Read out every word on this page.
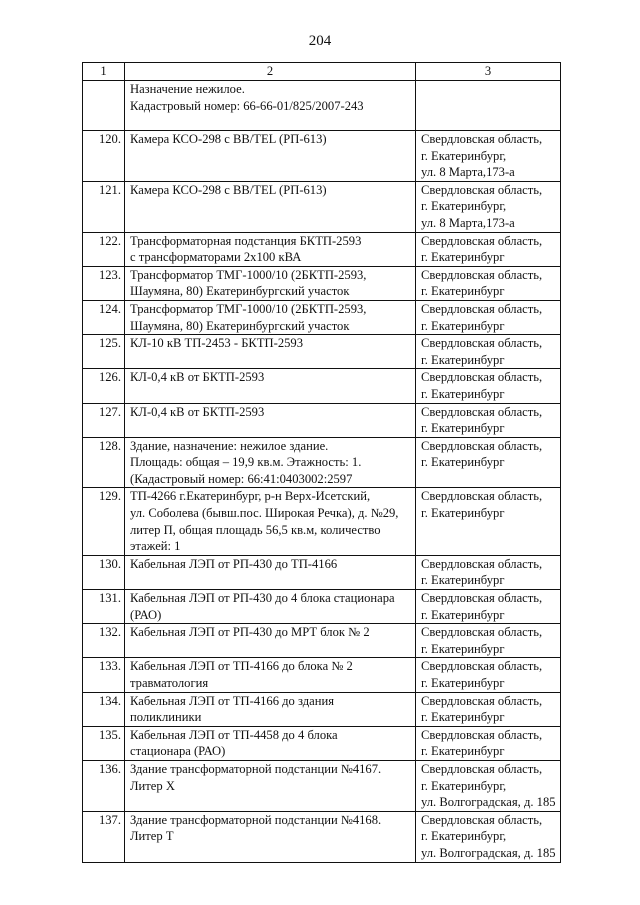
204
1	2	3

	Назначение нежилое.
Кадастровый номер: 66-66-01/825/2007-243	

120.	Камера КСО-298 с BB/TEL (РП-613)	Свердловская область,
г. Екатеринбург,
ул. 8 Марта,173-а

121.	Камера КСО-298 с BB/TEL (РП-613)	Свердловская область,
г. Екатеринбург,
ул. 8 Марта,173-а

122.	Трансформаторная подстанция БКТП-2593
с трансформаторами 2х100 кВА	Свердловская область,
г. Екатеринбург

123.	Трансформатор ТМГ-1000/10 (2БКТП-2593,
Шаумяна, 80) Екатеринбургский участок	Свердловская область,
г. Екатеринбург

124.	Трансформатор ТМГ-1000/10 (2БКТП-2593,
Шаумяна, 80) Екатеринбургский участок	Свердловская область,
г. Екатеринбург

125.	КЛ-10 кВ ТП-2453 - БКТП-2593	Свердловская область,
г. Екатеринбург

126.	КЛ-0,4 кВ от БКТП-2593	Свердловская область,
г. Екатеринбург

127.	КЛ-0,4 кВ от БКТП-2593	Свердловская область,
г. Екатеринбург

128.	Здание, назначение: нежилое здание.
Площадь: общая – 19,9 кв.м. Этажность: 1.
(Кадастровый номер: 66:41:0403002:2597	Свердловская область,
г. Екатеринбург

129.	ТП-4266 г.Екатеринбург, р-н Верх-Исетский,
ул. Соболева (бывш.пос. Широкая Речка), д. №29,
литер П, общая площадь 56,5 кв.м, количество
этажей: 1	Свердловская область,
г. Екатеринбург

130.	Кабельная ЛЭП от РП-430 до ТП-4166	Свердловская область,
г. Екатеринбург

131.	Кабельная ЛЭП от РП-430 до 4 блока стационара
(РАО)	Свердловская область,
г. Екатеринбург

132.	Кабельная ЛЭП от РП-430 до МРТ блок № 2	Свердловская область,
г. Екатеринбург

133.	Кабельная ЛЭП от ТП-4166 до блока № 2
травматология	Свердловская область,
г. Екатеринбург

134.	Кабельная ЛЭП от ТП-4166 до здания
поликлиники	Свердловская область,
г. Екатеринбург

135.	Кабельная ЛЭП от ТП-4458 до 4 блока
стационара (РАО)	Свердловская область,
г. Екатеринбург

136.	Здание трансформаторной подстанции №4167.
Литер Х	Свердловская область,
г. Екатеринбург,
ул. Волгоградская, д. 185

137.	Здание трансформаторной подстанции №4168.
Литер Т	Свердловская область,
г. Екатеринбург,
ул. Волгоградская, д. 185
